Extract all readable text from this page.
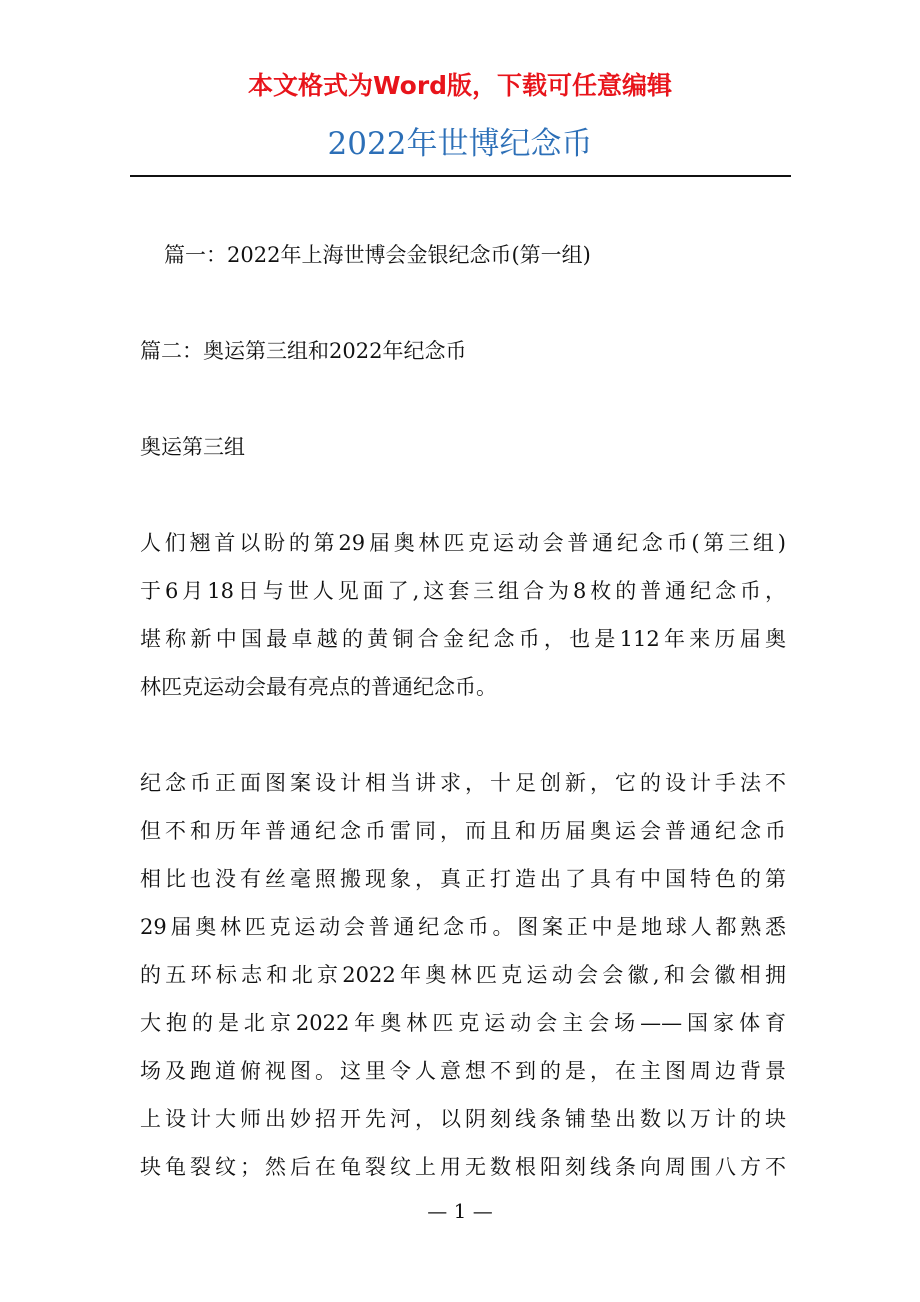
本文格式为Word版，下载可任意编辑
2022年世博纪念币
篇一：2022年上海世博会金银纪念币(第一组)
篇二：奥运第三组和2022年纪念币
奥运第三组
人们翘首以盼的第29届奥林匹克运动会普通纪念币(第三组)
于6月18日与世人见面了,这套三组合为8枚的普通纪念币，
堪称新中国最卓越的黄铜合金纪念币，也是112年来历届奥
林匹克运动会最有亮点的普通纪念币。
纪念币正面图案设计相当讲求，十足创新，它的设计手法不
但不和历年普通纪念币雷同，而且和历届奥运会普通纪念币
相比也没有丝毫照搬现象，真正打造出了具有中国特色的第
29届奥林匹克运动会普通纪念币。图案正中是地球人都熟悉
的五环标志和北京2022年奥林匹克运动会会徽,和会徽相拥
大抱的是北京2022年奥林匹克运动会主会场——国家体育
场及跑道俯视图。这里令人意想不到的是，在主图周边背景
上设计大师出妙招开先河，以阴刻线条铺垫出数以万计的块
块龟裂纹；然后在龟裂纹上用无数根阳刻线条向周围八方不
— 1 —
